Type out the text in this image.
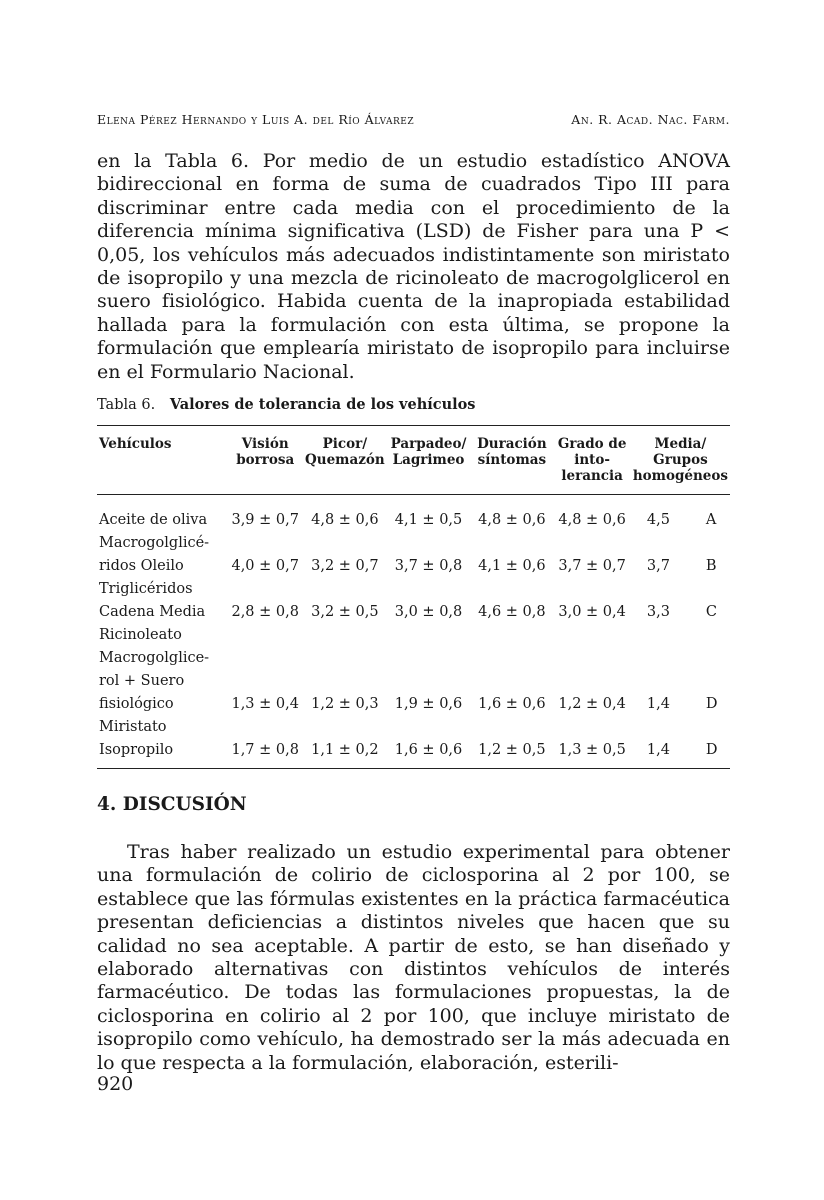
Elena Pérez Hernando y Luis A. del Río Álvarez	An. R. Acad. Nac. Farm.

en la Tabla 6. Por medio de un estudio estadístico ANOVA bidireccional en forma de suma de cuadrados Tipo III para discriminar entre cada media con el procedimiento de la diferencia mínima significativa (LSD) de Fisher para una P < 0,05, los vehículos más adecuados indistintamente son miristato de isopropilo y una mezcla de ricinoleato de macrogolglicerol en suero fisiológico. Habida cuenta de la inapropiada estabilidad hallada para la formulación con esta última, se propone la formulación que emplearía miristato de isopropilo para incluirse en el Formulario Nacional.

Tabla 6. Valores de tolerancia de los vehículos
Vehículos	Visión borrosa	Picor/ Quemazón	Parpadeo/ Lagrimeo	Duración síntomas	Grado de into-lerancia	Media/ Grupos homogéneos	
Aceite de oliva	3,9 ± 0,7	4,8 ± 0,6	4,1 ± 0,5	4,8 ± 0,6	4,8 ± 0,6	4,5	A
Macrogolglicé-ridos Oleilo	4,0 ± 0,7	3,2 ± 0,7	3,7 ± 0,8	4,1 ± 0,6	3,7 ± 0,7	3,7	B
Triglicéridos Cadena Media	2,8 ± 0,8	3,2 ± 0,5	3,0 ± 0,8	4,6 ± 0,8	3,0 ± 0,4	3,3	C
Ricinoleato Macrogolglice-rol + Suero fisiológico	1,3 ± 0,4	1,2 ± 0,3	1,9 ± 0,6	1,6 ± 0,6	1,2 ± 0,4	1,4	D
Miristato Isopropilo	1,7 ± 0,8	1,1 ± 0,2	1,6 ± 0,6	1,2 ± 0,5	1,3 ± 0,5	1,4	D
4. DISCUSIÓN

Tras haber realizado un estudio experimental para obtener una formulación de colirio de ciclosporina al 2 por 100, se establece que las fórmulas existentes en la práctica farmacéutica presentan deficiencias a distintos niveles que hacen que su calidad no sea aceptable. A partir de esto, se han diseñado y elaborado alternativas con distintos vehículos de interés farmacéutico. De todas las formulaciones propuestas, la de ciclosporina en colirio al 2 por 100, que incluye miristato de isopropilo como vehículo, ha demostrado ser la más adecuada en lo que respecta a la formulación, elaboración, esterili-

920
